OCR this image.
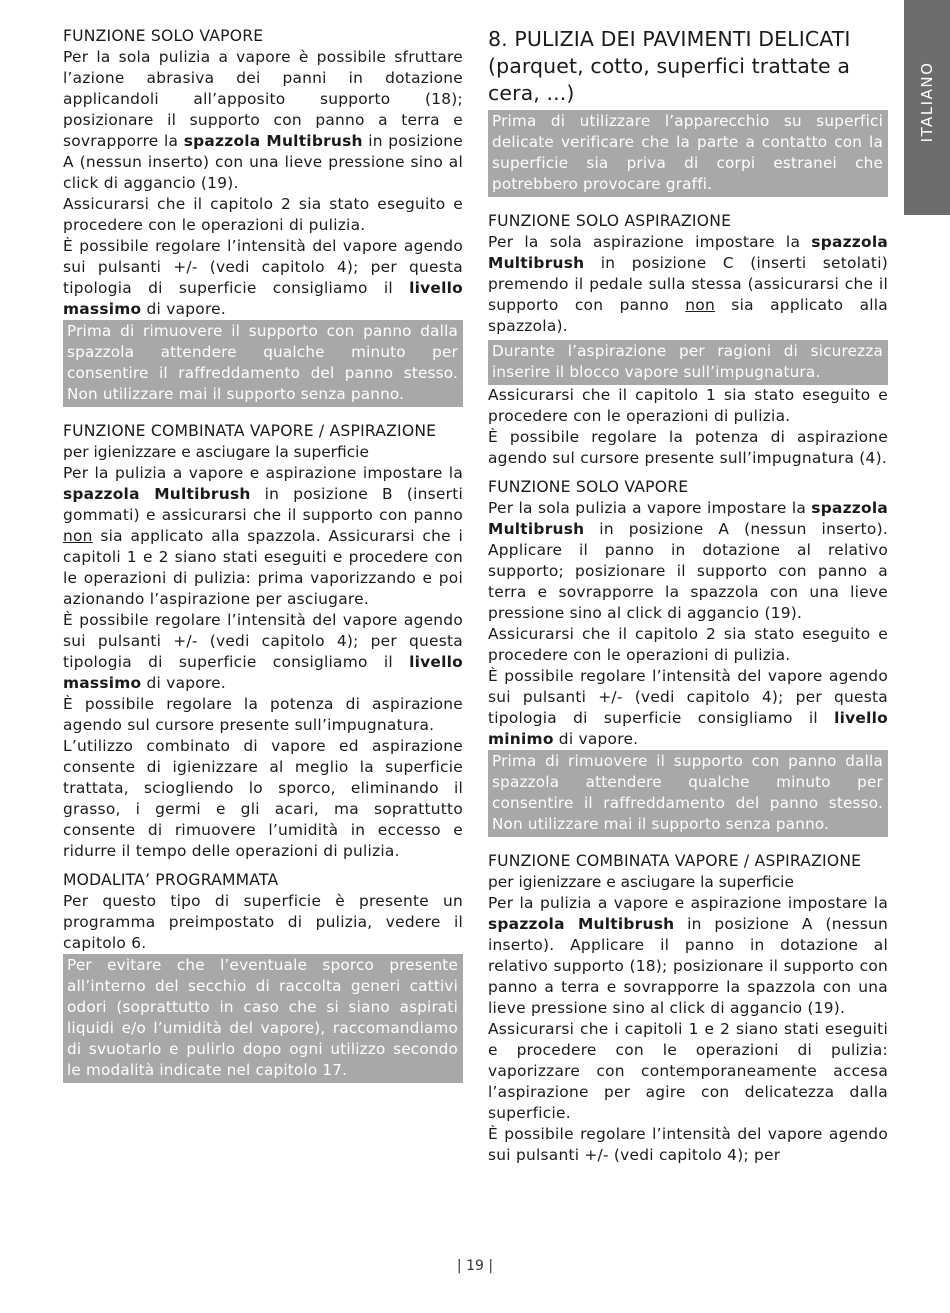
ITALIANO
FUNZIONE SOLO VAPORE

Per la sola pulizia a vapore è possibile sfruttare l’azione abrasiva dei panni in dotazione applicandoli all’apposito supporto (18); posizionare il supporto con panno a terra e sovrapporre la spazzola Multibrush in posizione A (nessun inserto) con una lieve pressione sino al click di aggancio (19).

Assicurarsi che il capitolo 2 sia stato eseguito e procedere con le operazioni di pulizia.

È possibile regolare l’intensità del vapore agendo sui pulsanti +/- (vedi capitolo 4); per questa tipologia di superficie consigliamo il livello massimo di vapore.

Prima di rimuovere il supporto con panno dalla spazzola attendere qualche minuto per consentire il raffreddamento del panno stesso. Non utilizzare mai il supporto senza panno.
FUNZIONE COMBINATA VAPORE / ASPIRAZIONE
per igienizzare e asciugare la superficie

Per la pulizia a vapore e aspirazione impostare la spazzola Multibrush in posizione B (inserti gommati) e assicurarsi che il supporto con panno non sia applicato alla spazzola. Assicurarsi che i capitoli 1 e 2 siano stati eseguiti e procedere con le operazioni di pulizia: prima vaporizzando e poi azionando l’aspirazione per asciugare.

È possibile regolare l’intensità del vapore agendo sui pulsanti +/- (vedi capitolo 4); per questa tipologia di superficie consigliamo il livello massimo di vapore.

È possibile regolare la potenza di aspirazione agendo sul cursore presente sull’impugnatura.

L’utilizzo combinato di vapore ed aspirazione consente di igienizzare al meglio la superficie trattata, sciogliendo lo sporco, eliminando il grasso, i germi e gli acari, ma soprattutto consente di rimuovere l’umidità in eccesso e ridurre il tempo delle operazioni di pulizia.

MODALITA’ PROGRAMMATA

Per questo tipo di superficie è presente un programma preimpostato di pulizia, vedere il capitolo 6.

Per evitare che l’eventuale sporco presente all’interno del secchio di raccolta generi cattivi odori (soprattutto in caso che si siano aspirati liquidi e/o l’umidità del vapore), raccomandiamo di svuotarlo e pulirlo dopo ogni utilizzo secondo le modalità indicate nel capitolo 17.
8. PULIZIA DEI PAVIMENTI DELICATI (parquet, cotto, superfici trattate a cera, ...)
Prima di utilizzare l’apparecchio su superfici delicate verificare che la parte a contatto con la superficie sia priva di corpi estranei che potrebbero provocare graffi.
FUNZIONE SOLO ASPIRAZIONE

Per la sola aspirazione impostare la spazzola Multibrush in posizione C (inserti setolati) premendo il pedale sulla stessa (assicurarsi che il supporto con panno non sia applicato alla spazzola).

Durante l’aspirazione per ragioni di sicurezza inserire il blocco vapore sull’impugnatura.

Assicurarsi che il capitolo 1 sia stato eseguito e procedere con le operazioni di pulizia.

È possibile regolare la potenza di aspirazione agendo sul cursore presente sull’impugnatura (4).

FUNZIONE SOLO VAPORE

Per la sola pulizia a vapore impostare la spazzola Multibrush in posizione A (nessun inserto). Applicare il panno in dotazione al relativo supporto; posizionare il supporto con panno a terra e sovrapporre la spazzola con una lieve pressione sino al click di aggancio (19).

Assicurarsi che il capitolo 2 sia stato eseguito e procedere con le operazioni di pulizia.

È possibile regolare l’intensità del vapore agendo sui pulsanti +/- (vedi capitolo 4); per questa tipologia di superficie consigliamo il livello minimo di vapore.

Prima di rimuovere il supporto con panno dalla spazzola attendere qualche minuto per consentire il raffreddamento del panno stesso. Non utilizzare mai il supporto senza panno.
FUNZIONE COMBINATA VAPORE / ASPIRAZIONE
per igienizzare e asciugare la superficie

Per la pulizia a vapore e aspirazione impostare la spazzola Multibrush in posizione A (nessun inserto). Applicare il panno in dotazione al relativo supporto (18); posizionare il supporto con panno a terra e sovrapporre la spazzola con una lieve pressione sino al click di aggancio (19).

Assicurarsi che i capitoli 1 e 2 siano stati eseguiti e procedere con le operazioni di pulizia: vaporizzare con contemporaneamente accesa l’aspirazione per agire con delicatezza dalla superficie.

È possibile regolare l’intensità del vapore agendo sui pulsanti +/- (vedi capitolo 4); per

| 19 |
